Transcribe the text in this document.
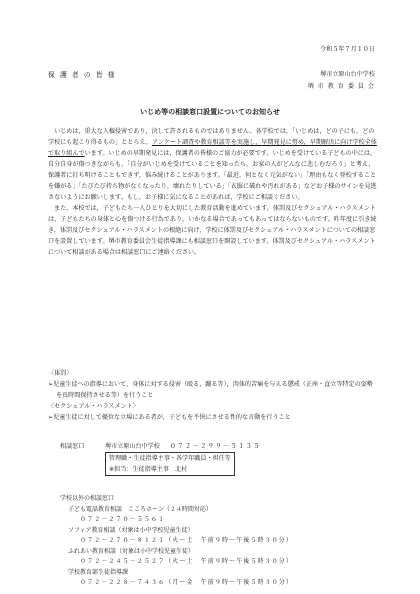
令和５年７月１０日
保 護 者 の 皆 様	堺市立原山台中学校
堺 市 教 育 委 員 会
いじめ等の相談窓口設置についてのお知らせ

いじめは，重大な人権侵害であり，決して許されるものではありません。各学校では，「いじめは，どの子にも，どの学校にも起こり得るもの」ととらえ，アンケート調査や教育相談等を実施し，早期発見に努め，早期解決に向け学校全体で取り組んでいます。いじめの早期発見には，保護者の皆様のご協力が必要です。いじめを受けている子どもの中には，自分自身が傷つきながらも，「自分がいじめを受けていることを知ったら，お家の人がどんなに悲しむだろう」と考え，保護者に打ち明けることもできず，悩み続けることがあります。「最近，何となく元気がない」「理由もなく登校することを嫌がる」「たびたび持ち物がなくなったり，壊れたりしている」「衣服に破れや汚れがある」などお子様のサインを見逃さないようにお願いします。もし，お子様に気になることがあれば，学校にご相談ください。

また，本校では，子どもたち一人ひとりを大切にした教育活動を進めています。体罰及びセクシュアル・ハラスメントは，子どもたちの身体と心を傷つける行為であり，いかなる場合であってもあってはならないものです。昨年度に引き続き，体罰及びセクシュアル・ハラスメントの根絶に向け，学校に体罰及びセクシュアル・ハラスメントについての相談窓口を設置しています。堺市教育委員会生徒指導課にも相談窓口を開設しています。体罰及びセクシュアル・ハラスメントについて相談がある場合は相談窓口にご連絡ください。

〈体罰〉
➢児童生徒への指導において，身体に対する侵害（殴る，蹴る等），肉体的苦痛を与える懲戒（正座・直立等特定の姿勢を長時間保持させる等）を行うこと
〈セクシュアル・ハラスメント〉
➢児童生徒に対して優位な立場にある者が，子どもを不快にさせる性的な言動を行うこと
相談窓口	堺市立原山台中学校 ０７２－２９９－５１３５
管理職・生徒指導主事・各学年職員・担任等
※担当：生徒指導主事　北村
学校以外の相談窓口
子ども電話教育相談　こころホーン（２４時間対応）
０７２－２７０－５５６１
ソフィア教育相談（対象は小中学校児童生徒）
０７２－２７０－８１２１（火～土　午前９時～午後５時３０分）
ふれあい教育相談（対象は小中学校児童生徒）
０７２－２４５－２５２７（火～土　午前９時～午後５時３０分）
学校教育部生徒指導課
０７２－２２８－７４３６（月～金　午前９時～午後５時３０分）
